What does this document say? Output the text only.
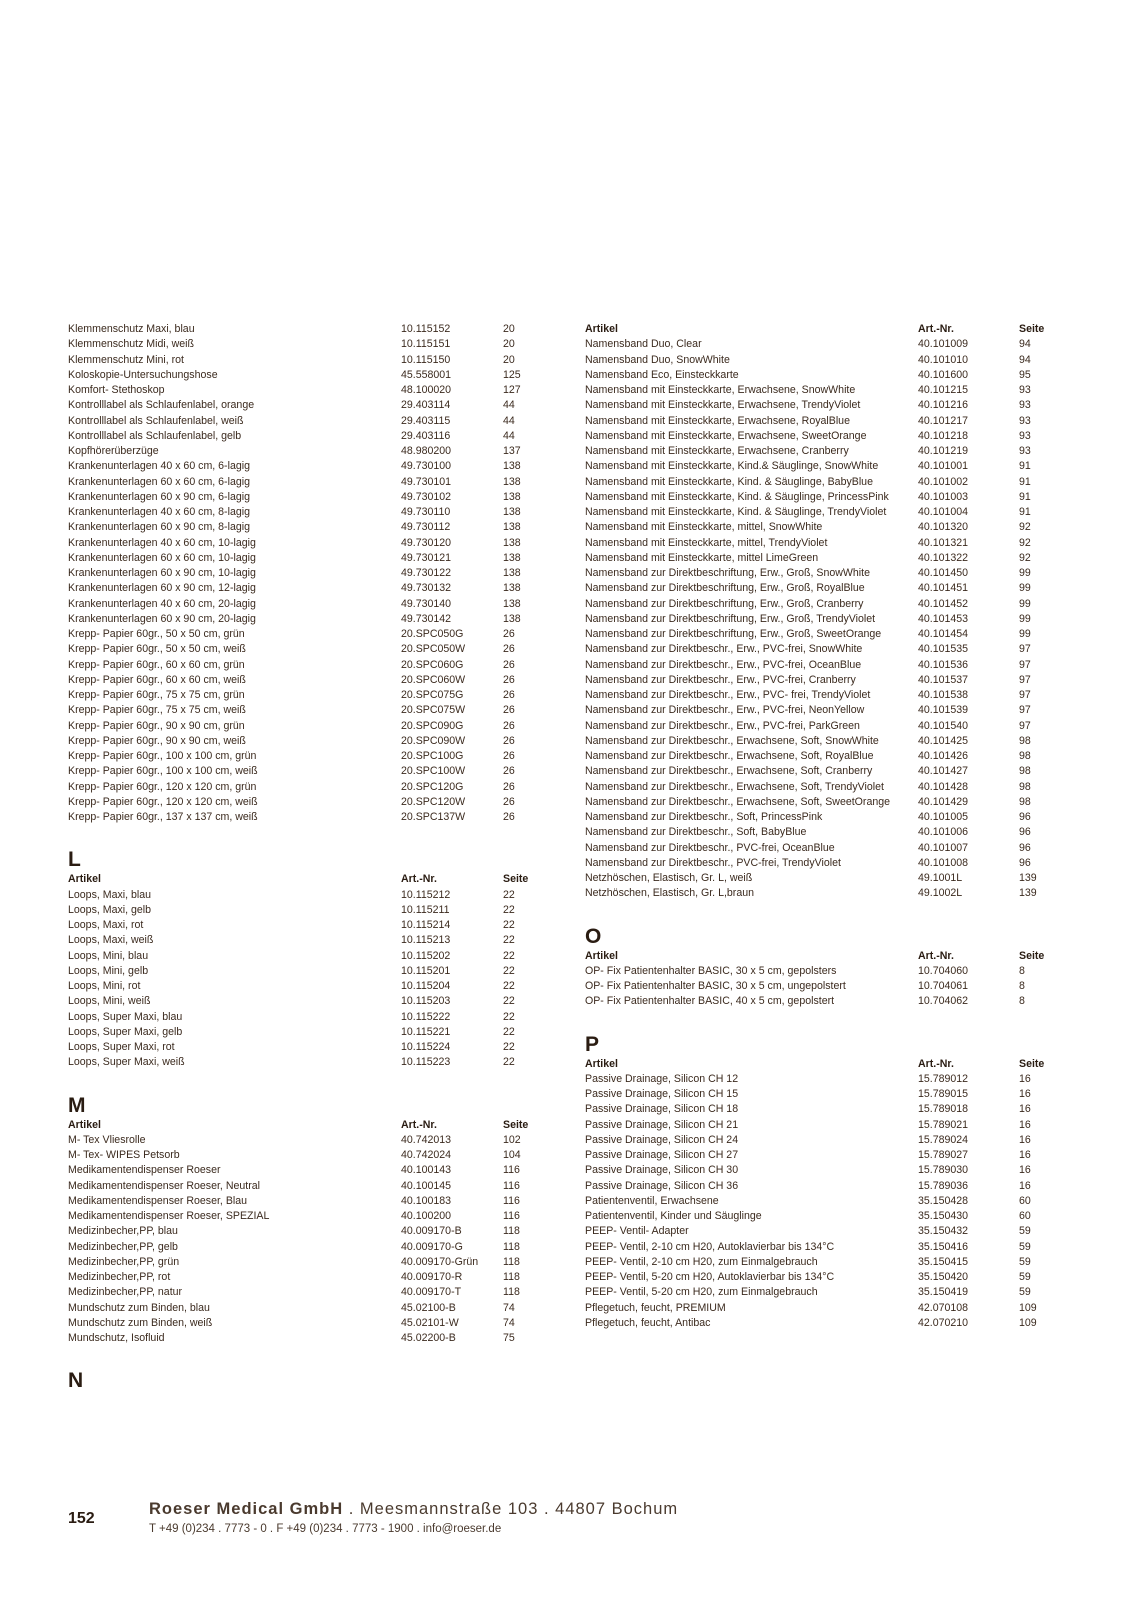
Klemmenschutz Maxi, blau	10.115152	20
Klemmenschutz Midi, weiß	10.115151	20
Klemmenschutz Mini, rot	10.115150	20
Koloskopie-Untersuchungshose	45.558001	125
Komfort- Stethoskop	48.100020	127
Kontrolllabel als Schlaufenlabel, orange	29.403114	44
Kontrolllabel als Schlaufenlabel, weiß	29.403115	44
Kontrolllabel als Schlaufenlabel, gelb	29.403116	44
Kopfhörerüberzüge	48.980200	137
Krankenunterlagen 40 x 60 cm, 6-lagig	49.730100	138
Krankenunterlagen 60 x 60 cm, 6-lagig	49.730101	138
Krankenunterlagen 60 x 90 cm, 6-lagig	49.730102	138
Krankenunterlagen 40 x 60 cm, 8-lagig	49.730110	138
Krankenunterlagen 60 x 90 cm, 8-lagig	49.730112	138
Krankenunterlagen 40 x 60 cm, 10-lagig	49.730120	138
Krankenunterlagen 60 x 60 cm, 10-lagig	49.730121	138
Krankenunterlagen 60 x 90 cm, 10-lagig	49.730122	138
Krankenunterlagen 60 x 90 cm, 12-lagig	49.730132	138
Krankenunterlagen 40 x 60 cm, 20-lagig	49.730140	138
Krankenunterlagen 60 x 90 cm, 20-lagig	49.730142	138
Krepp- Papier 60gr., 50 x 50 cm, grün	20.SPC050G	26
Krepp- Papier 60gr., 50 x 50 cm, weiß	20.SPC050W	26
Krepp- Papier 60gr., 60 x 60 cm, grün	20.SPC060G	26
Krepp- Papier 60gr., 60 x 60 cm, weiß	20.SPC060W	26
Krepp- Papier 60gr., 75 x 75 cm, grün	20.SPC075G	26
Krepp- Papier 60gr., 75 x 75 cm, weiß	20.SPC075W	26
Krepp- Papier 60gr., 90 x 90 cm, grün	20.SPC090G	26
Krepp- Papier 60gr., 90 x 90 cm, weiß	20.SPC090W	26
Krepp- Papier 60gr., 100 x 100 cm, grün	20.SPC100G	26
Krepp- Papier 60gr., 100 x 100 cm, weiß	20.SPC100W	26
Krepp- Papier 60gr., 120 x 120 cm, grün	20.SPC120G	26
Krepp- Papier 60gr., 120 x 120 cm, weiß	20.SPC120W	26
Krepp- Papier 60gr., 137 x 137 cm, weiß	20.SPC137W	26
L
Artikel	Art.-Nr.	Seite
Loops, Maxi, blau	10.115212	22
Loops, Maxi, gelb	10.115211	22
Loops, Maxi, rot	10.115214	22
Loops, Maxi, weiß	10.115213	22
Loops, Mini, blau	10.115202	22
Loops, Mini, gelb	10.115201	22
Loops, Mini, rot	10.115204	22
Loops, Mini, weiß	10.115203	22
Loops, Super Maxi, blau	10.115222	22
Loops, Super Maxi, gelb	10.115221	22
Loops, Super Maxi, rot	10.115224	22
Loops, Super Maxi, weiß	10.115223	22
M
Artikel	Art.-Nr.	Seite
M- Tex Vliesrolle	40.742013	102
M- Tex- WIPES Petsorb	40.742024	104
Medikamentendispenser Roeser	40.100143	116
Medikamentendispenser Roeser, Neutral	40.100145	116
Medikamentendispenser Roeser, Blau	40.100183	116
Medikamentendispenser Roeser, SPEZIAL	40.100200	116
Medizinbecher,PP, blau	40.009170-B	118
Medizinbecher,PP, gelb	40.009170-G	118
Medizinbecher,PP, grün	40.009170-Grün 118
Medizinbecher,PP, rot	40.009170-R	118
Medizinbecher,PP, natur	40.009170-T	118
Mundschutz zum Binden, blau	45.02100-B	74
Mundschutz zum Binden, weiß	45.02101-W	74
Mundschutz, Isofluid	45.02200-B	75
N
Artikel	Art.-Nr.	Seite
Namensband Duo, Clear	40.101009	94
Namensband Duo, SnowWhite	40.101010	94
Namensband Eco, Einsteckkarte	40.101600	95
Namensband mit Einsteckkarte, Erwachsene, SnowWhite	40.101215	93
Namensband mit Einsteckkarte, Erwachsene, TrendyViolet	40.101216	93
Namensband mit Einsteckkarte, Erwachsene, RoyalBlue	40.101217	93
Namensband mit Einsteckkarte, Erwachsene, SweetOrange	40.101218	93
Namensband mit Einsteckkarte, Erwachsene, Cranberry	40.101219	93
Namensband mit Einsteckkarte, Kind.& Säuglinge, SnowWhite	40.101001	91
Namensband mit Einsteckkarte, Kind. & Säuglinge, BabyBlue	40.101002	91
Namensband mit Einsteckkarte, Kind. & Säuglinge, PrincessPink	40.101003	91
Namensband mit Einsteckkarte, Kind. & Säuglinge, TrendyViolet	40.101004	91
Namensband mit Einsteckkarte, mittel, SnowWhite	40.101320	92
Namensband mit Einsteckkarte, mittel, TrendyViolet	40.101321	92
Namensband mit Einsteckkarte, mittel LimeGreen	40.101322	92
Namensband zur Direktbeschriftung, Erw., Groß, SnowWhite	40.101450	99
Namensband zur Direktbeschriftung, Erw., Groß, RoyalBlue	40.101451	99
Namensband zur Direktbeschriftung, Erw., Groß, Cranberry	40.101452	99
Namensband zur Direktbeschriftung, Erw., Groß, TrendyViolet	40.101453	99
Namensband zur Direktbeschriftung, Erw., Groß, SweetOrange	40.101454	99
Namensband zur Direktbeschr., Erw., PVC-frei, SnowWhite	40.101535	97
Namensband zur Direktbeschr., Erw., PVC-frei, OceanBlue	40.101536	97
Namensband zur Direktbeschr., Erw., PVC-frei, Cranberry	40.101537	97
Namensband zur Direktbeschr., Erw., PVC- frei, TrendyViolet	40.101538	97
Namensband zur Direktbeschr., Erw., PVC-frei, NeonYellow	40.101539	97
Namensband zur Direktbeschr., Erw., PVC-frei, ParkGreen	40.101540	97
Namensband zur Direktbeschr., Erwachsene, Soft, SnowWhite	40.101425	98
Namensband zur Direktbeschr., Erwachsene, Soft, RoyalBlue	40.101426	98
Namensband zur Direktbeschr., Erwachsene, Soft, Cranberry	40.101427	98
Namensband zur Direktbeschr., Erwachsene, Soft, TrendyViolet	40.101428	98
Namensband zur Direktbeschr., Erwachsene, Soft, SweetOrange	40.101429	98
Namensband zur Direktbeschr., Soft, PrincessPink	40.101005	96
Namensband zur Direktbeschr., Soft, BabyBlue	40.101006	96
Namensband zur Direktbeschr., PVC-frei, OceanBlue	40.101007	96
Namensband zur Direktbeschr., PVC-frei, TrendyViolet	40.101008	96
Netzhöschen, Elastisch, Gr. L, weiß	49.1001L	139
Netzhöschen, Elastisch, Gr. L,braun	49.1002L	139
O
Artikel	Art.-Nr.	Seite
OP- Fix Patientenhalter BASIC, 30 x 5 cm, gepolsters	10.704060	8
OP- Fix Patientenhalter BASIC, 30 x 5 cm, ungepolstert	10.704061	8
OP- Fix Patientenhalter BASIC, 40 x 5 cm, gepolstert	10.704062	8
P
Artikel	Art.-Nr.	Seite
Passive Drainage, Silicon CH 12	15.789012	16
Passive Drainage, Silicon CH 15	15.789015	16
Passive Drainage, Silicon CH 18	15.789018	16
Passive Drainage, Silicon CH 21	15.789021	16
Passive Drainage, Silicon CH 24	15.789024	16
Passive Drainage, Silicon CH 27	15.789027	16
Passive Drainage, Silicon CH 30	15.789030	16
Passive Drainage, Silicon CH 36	15.789036	16
Patientenventil, Erwachsene	35.150428	60
Patientenventil, Kinder und Säuglinge	35.150430	60
PEEP- Ventil- Adapter	35.150432	59
PEEP- Ventil, 2-10 cm H20, Autoklavierbar bis 134°C	35.150416	59
PEEP- Ventil, 2-10 cm H20, zum Einmalgebrauch	35.150415	59
PEEP- Ventil, 5-20 cm H20, Autoklavierbar bis 134°C	35.150420	59
PEEP- Ventil, 5-20 cm H20, zum Einmalgebrauch	35.150419	59
Pflegetuch, feucht, PREMIUM	42.070108	109
Pflegetuch, feucht, Antibac	42.070210	109
152
Roeser Medical GmbH . Meesmannstraße 103 . 44807 Bochum
T +49 (0)234 . 7773 - 0 . F +49 (0)234 . 7773 - 1900 . info@roeser.de
